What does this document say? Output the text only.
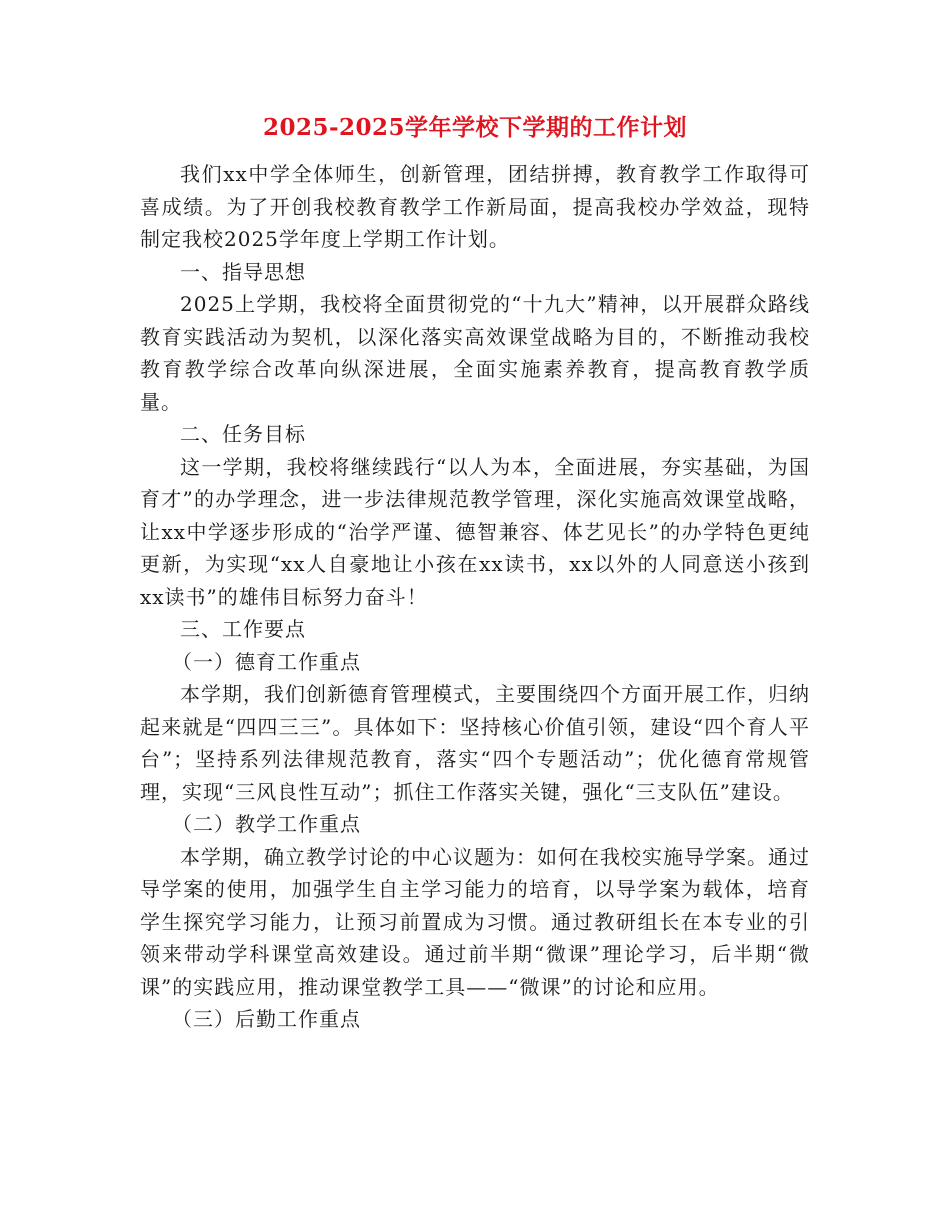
2025-2025学年学校下学期的工作计划

我们xx中学全体师生，创新管理，团结拼搏，教育教学工作取得可喜成绩。为了开创我校教育教学工作新局面，提高我校办学效益，现特制定我校2025学年度上学期工作计划。

一、指导思想

2025上学期，我校将全面贯彻党的“十九大”精神，以开展群众路线教育实践活动为契机，以深化落实高效课堂战略为目的，不断推动我校教育教学综合改革向纵深进展，全面实施素养教育，提高教育教学质量。

二、任务目标

这一学期，我校将继续践行“以人为本，全面进展，夯实基础，为国育才”的办学理念，进一步法律规范教学管理，深化实施高效课堂战略，让xx中学逐步形成的“治学严谨、德智兼容、体艺见长”的办学特色更纯更新，为实现“xx人自豪地让小孩在xx读书，xx以外的人同意送小孩到xx读书”的雄伟目标努力奋斗！

三、工作要点

（一）德育工作重点

本学期，我们创新德育管理模式，主要围绕四个方面开展工作，归纳起来就是“四四三三”。具体如下：坚持核心价值引领，建设“四个育人平台”；坚持系列法律规范教育，落实“四个专题活动”；优化德育常规管理，实现“三风良性互动”；抓住工作落实关键，强化“三支队伍”建设。

（二）教学工作重点

本学期，确立教学讨论的中心议题为：如何在我校实施导学案。通过导学案的使用，加强学生自主学习能力的培育，以导学案为载体，培育学生探究学习能力，让预习前置成为习惯。通过教研组长在本专业的引领来带动学科课堂高效建设。通过前半期“微课”理论学习，后半期“微课”的实践应用，推动课堂教学工具——“微课”的讨论和应用。

（三）后勤工作重点
